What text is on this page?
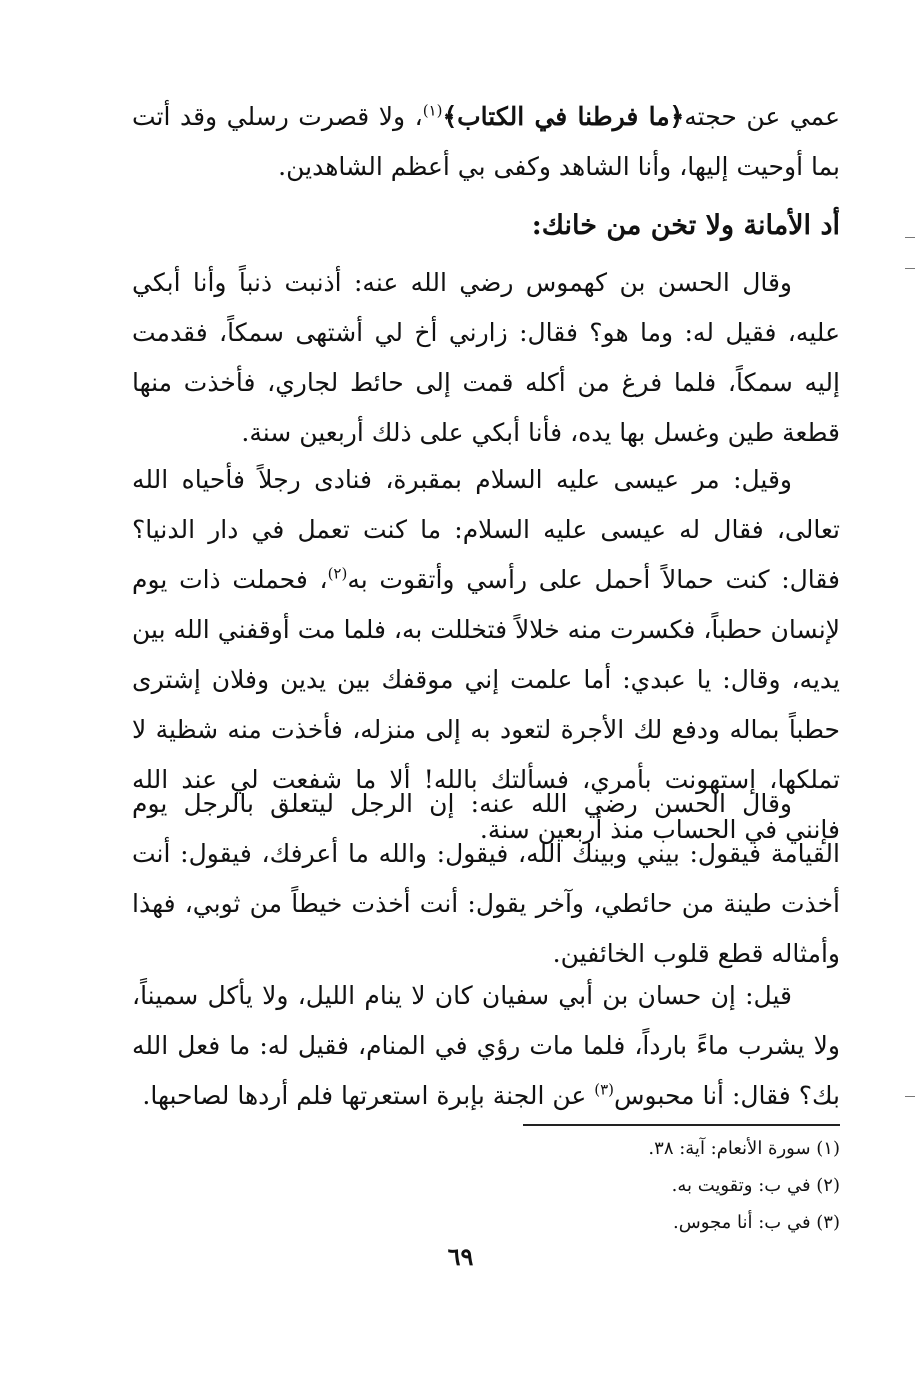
عمي عن حجته﴿ما فرطنا في الكتاب﴾$^{(١)}$، ولا قصرت رسلي وقد أتت بما أوحيت إليها، وأنا الشاهد وكفى بي أعظم الشاهدين.

أد الأمانة ولا تخن من خانك:

وقال الحسن بن كهموس رضي الله عنه: أذنبت ذنباً وأنا أبكي عليه، فقيل له: وما هو؟ فقال: زارني أخ لي أشتهى سمكاً، فقدمت إليه سمكاً، فلما فرغ من أكله قمت إلى حائط لجاري، فأخذت منها قطعة طين وغسل بها يده، فأنا أبكي على ذلك أربعين سنة.

وقيل: مر عيسى عليه السلام بمقبرة، فنادى رجلاً فأحياه الله تعالى، فقال له عيسى عليه السلام: ما كنت تعمل في دار الدنيا؟ فقال: كنت حمالاً أحمل على رأسي وأتقوت به$^{(٢)}$، فحملت ذات يوم لإنسان حطباً، فكسرت منه خلالاً فتخللت به، فلما مت أوقفني الله بين يديه، وقال: يا عبدي: أما علمت إني موقفك بين يدين وفلان إشترى حطباً بماله ودفع لك الأجرة لتعود به إلى منزله، فأخذت منه شظية لا تملكها، إستهونت بأمري، فسألتك بالله! ألا ما شفعت لي عند الله فإنني في الحساب منذ أربعين سنة.

وقال الحسن رضي الله عنه: إن الرجل ليتعلق بالرجل يوم القيامة فيقول: بيني وبينك الله، فيقول: والله ما أعرفك، فيقول: أنت أخذت طينة من حائطي، وآخر يقول: أنت أخذت خيطاً من ثوبي، فهذا وأمثاله قطع قلوب الخائفين.

قيل: إن حسان بن أبي سفيان كان لا ينام الليل، ولا يأكل سميناً، ولا يشرب ماءً بارداً، فلما مات رؤي في المنام، فقيل له: ما فعل الله بك؟ فقال: أنا محبوس$^{(٣)}$ عن الجنة بإبرة استعرتها فلم أردها لصاحبها.

(١) سورة الأنعام: آية: ٣٨.
(٢) في ب: وتقويت به.
(٣) في ب: أنا مجوس.
٦٩
